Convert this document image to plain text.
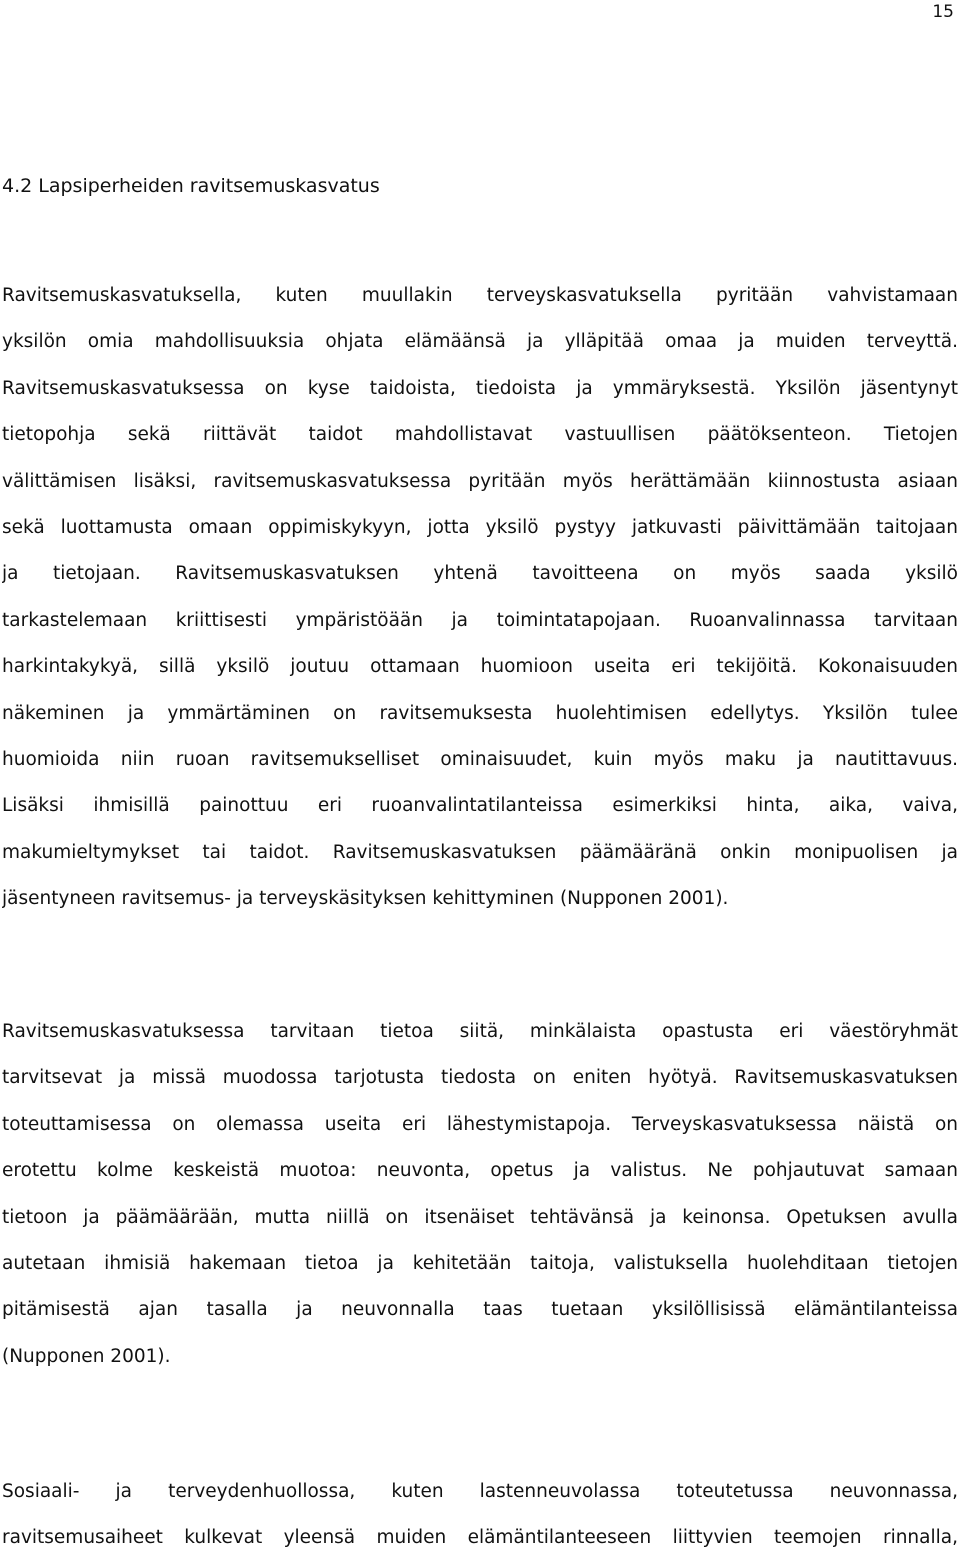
15
4.2 Lapsiperheiden ravitsemuskasvatus
Ravitsemuskasvatuksella, kuten muullakin terveyskasvatuksella pyritään vahvistamaan
yksilön omia mahdollisuuksia ohjata elämäänsä ja ylläpitää omaa ja muiden terveyttä.
Ravitsemuskasvatuksessa on kyse taidoista, tiedoista ja ymmäryksestä. Yksilön jäsentynyt
tietopohja sekä riittävät taidot mahdollistavat vastuullisen päätöksenteon. Tietojen
välittämisen lisäksi, ravitsemuskasvatuksessa pyritään myös herättämään kiinnostusta asiaan
sekä luottamusta omaan oppimiskykyyn, jotta yksilö pystyy jatkuvasti päivittämään taitojaan
ja tietojaan. Ravitsemuskasvatuksen yhtenä tavoitteena on myös saada yksilö
tarkastelemaan kriittisesti ympäristöään ja toimintatapojaan. Ruoanvalinnassa tarvitaan
harkintakykyä, sillä yksilö joutuu ottamaan huomioon useita eri tekijöitä. Kokonaisuuden
näkeminen ja ymmärtäminen on ravitsemuksesta huolehtimisen edellytys. Yksilön tulee
huomioida niin ruoan ravitsemukselliset ominaisuudet, kuin myös maku ja nautittavuus.
Lisäksi ihmisillä painottuu eri ruoanvalintatilanteissa esimerkiksi hinta, aika, vaiva,
makumieltymykset tai taidot. Ravitsemuskasvatuksen päämääränä onkin monipuolisen ja
jäsentyneen ravitsemus- ja terveyskäsityksen kehittyminen (Nupponen 2001).
Ravitsemuskasvatuksessa tarvitaan tietoa siitä, minkälaista opastusta eri väestöryhmät
tarvitsevat ja missä muodossa tarjotusta tiedosta on eniten hyötyä. Ravitsemuskasvatuksen
toteuttamisessa on olemassa useita eri lähestymistapoja. Terveyskasvatuksessa näistä on
erotettu kolme keskeistä muotoa: neuvonta, opetus ja valistus. Ne pohjautuvat samaan
tietoon ja päämäärään, mutta niillä on itsenäiset tehtävänsä ja keinonsa. Opetuksen avulla
autetaan ihmisiä hakemaan tietoa ja kehitetään taitoja, valistuksella huolehditaan tietojen
pitämisestä ajan tasalla ja neuvonnalla taas tuetaan yksilöllisissä elämäntilanteissa
(Nupponen 2001).
Sosiaali- ja terveydenhuollossa, kuten lastenneuvolassa toteutetussa neuvonnassa,
ravitsemusaiheet kulkevat yleensä muiden elämäntilanteeseen liittyvien teemojen rinnalla,
